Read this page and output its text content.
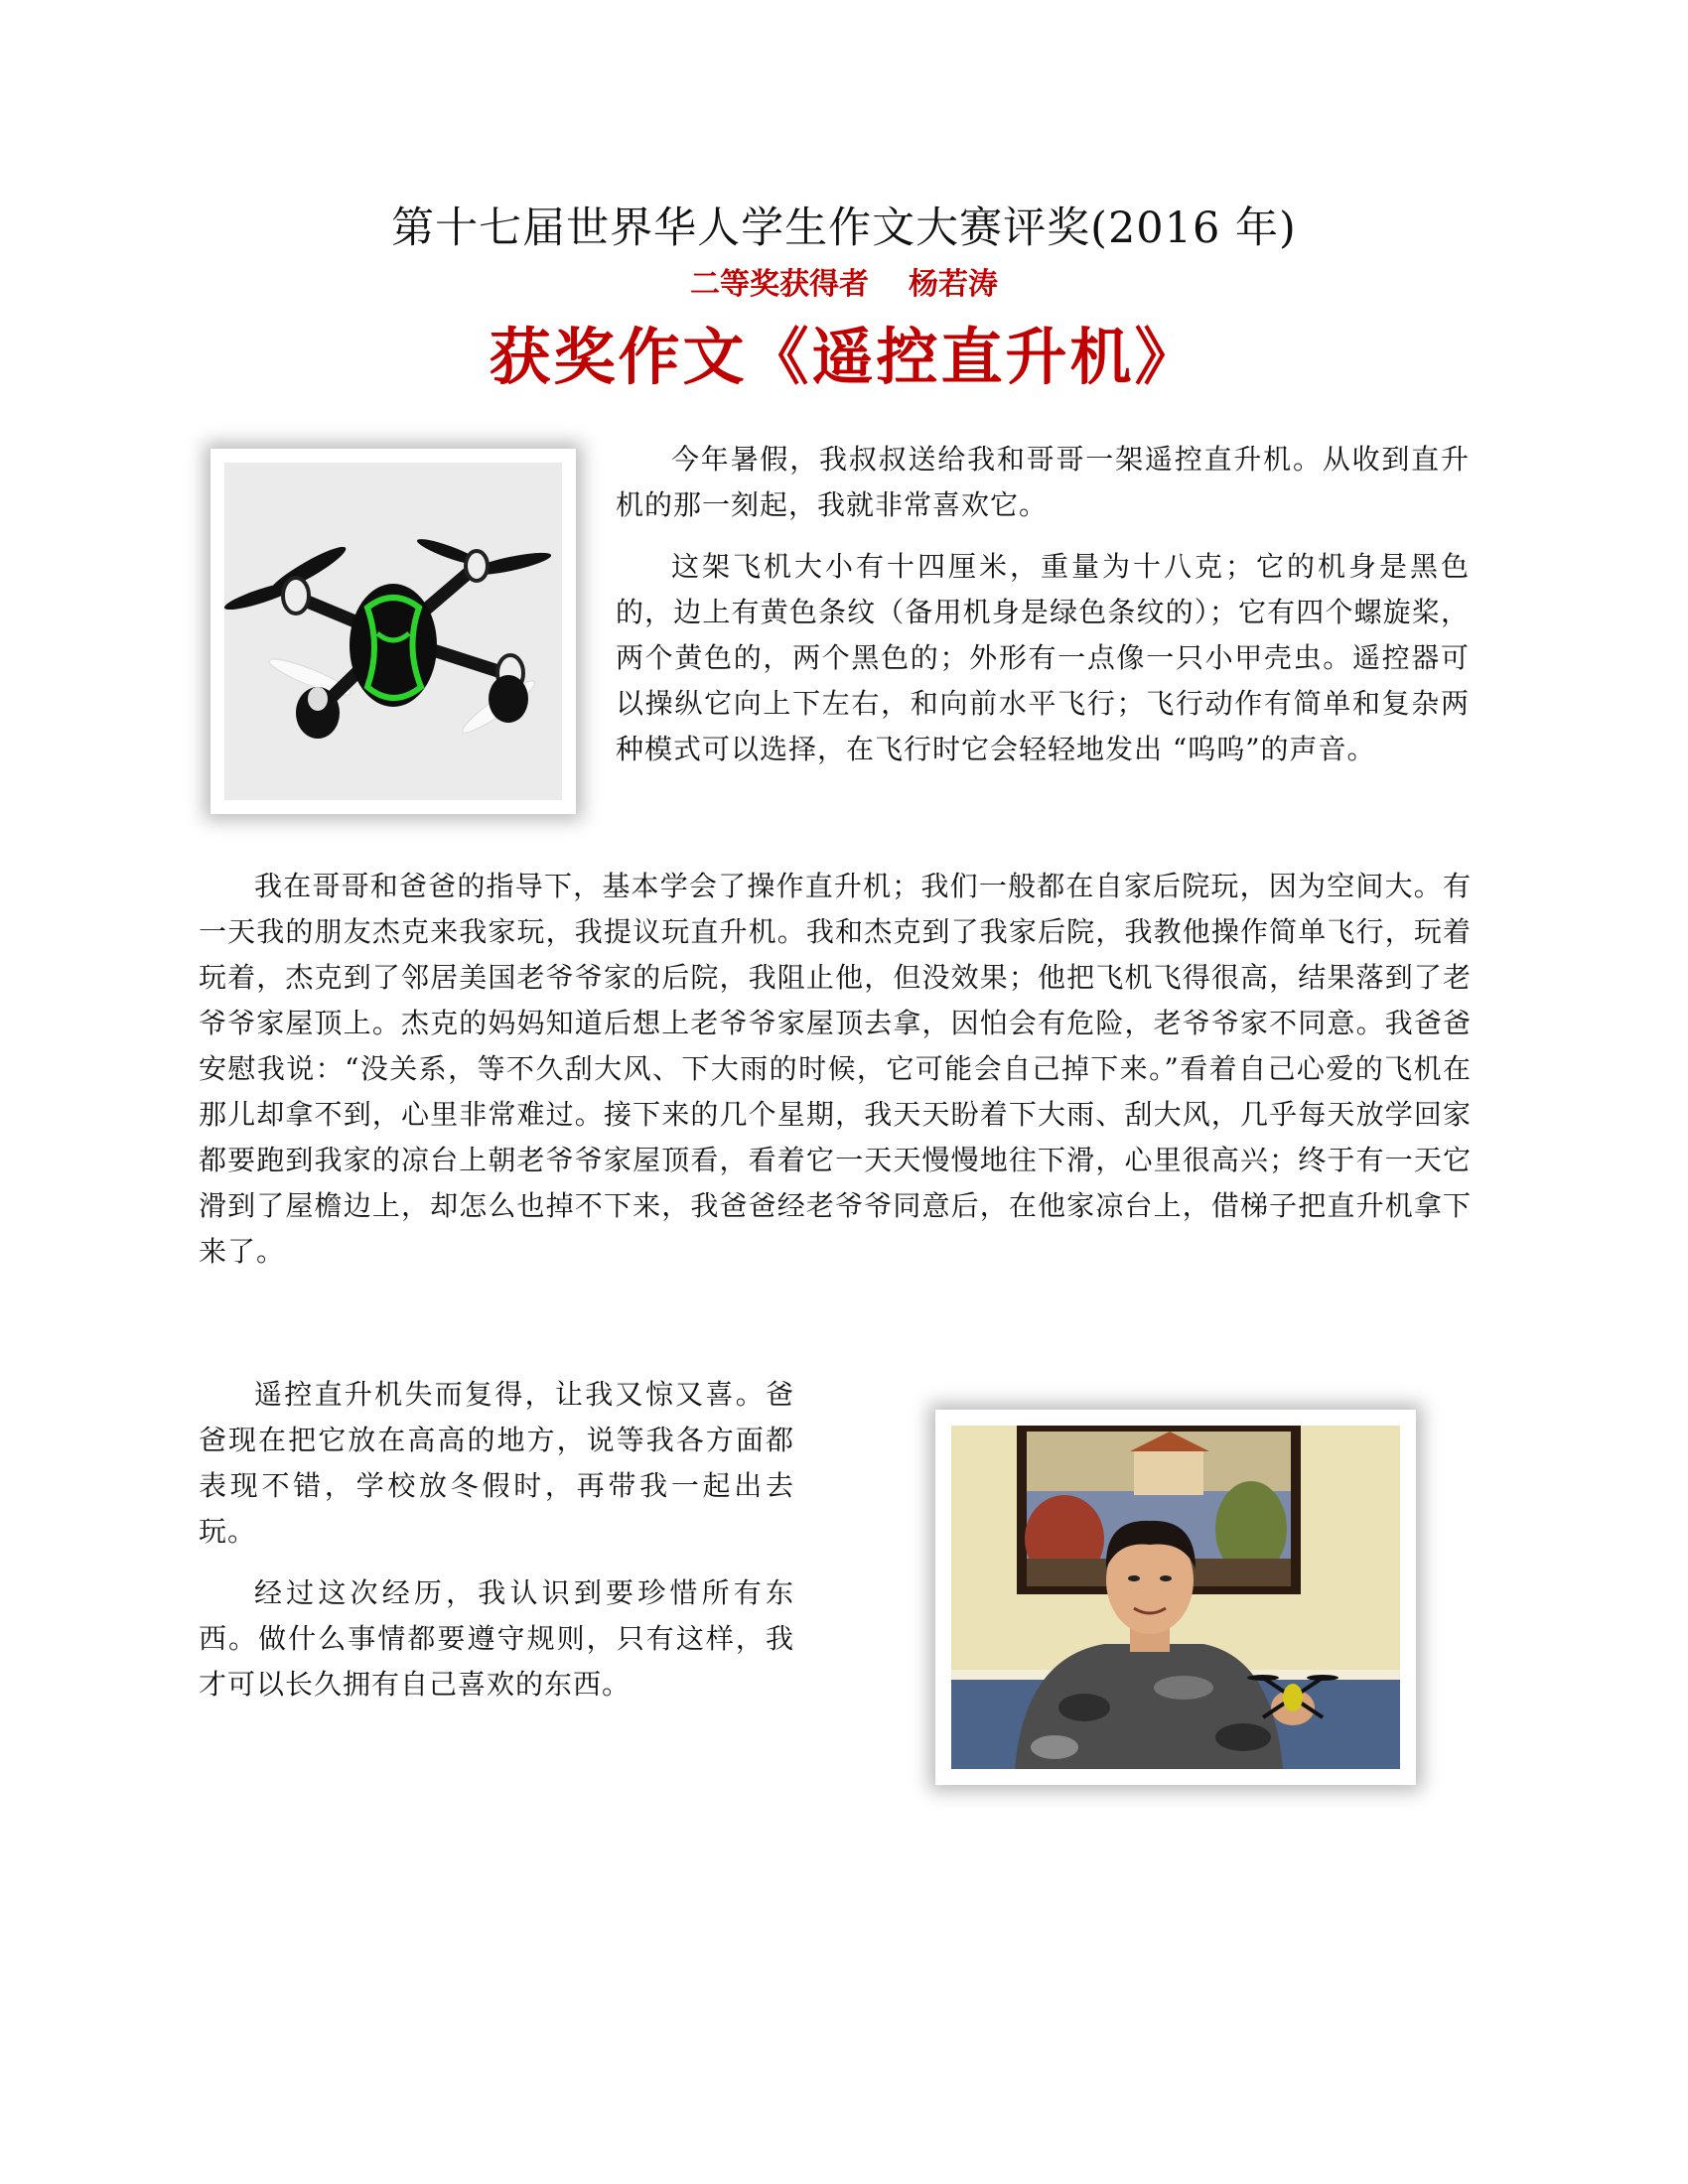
第十七届世界华人学生作文大赛评奖(2016 年)
二等奖获得者 杨若涛
获奖作文《遥控直升机》

今年暑假，我叔叔送给我和哥哥一架遥控直升机。从收到直升机的那一刻起，我就非常喜欢它。

这架飞机大小有十四厘米，重量为十八克；它的机身是黑色的，边上有黄色条纹（备用机身是绿色条纹的）；它有四个螺旋桨，两个黄色的，两个黑色的；外形有一点像一只小甲壳虫。遥控器可以操纵它向上下左右，和向前水平飞行；飞行动作有简单和复杂两种模式可以选择，在飞行时它会轻轻地发出 “呜呜”的声音。

我在哥哥和爸爸的指导下，基本学会了操作直升机；我们一般都在自家后院玩，因为空间大。有一天我的朋友杰克来我家玩，我提议玩直升机。我和杰克到了我家后院，我教他操作简单飞行，玩着玩着，杰克到了邻居美国老爷爷家的后院，我阻止他，但没效果；他把飞机飞得很高，结果落到了老爷爷家屋顶上。杰克的妈妈知道后想上老爷爷家屋顶去拿，因怕会有危险，老爷爷家不同意。我爸爸安慰我说：“没关系，等不久刮大风、下大雨的时候，它可能会自己掉下来。”看着自己心爱的飞机在那儿却拿不到，心里非常难过。接下来的几个星期，我天天盼着下大雨、刮大风，几乎每天放学回家都要跑到我家的凉台上朝老爷爷家屋顶看，看着它一天天慢慢地往下滑，心里很高兴；终于有一天它滑到了屋檐边上，却怎么也掉不下来，我爸爸经老爷爷同意后，在他家凉台上，借梯子把直升机拿下来了。

遥控直升机失而复得，让我又惊又喜。爸爸现在把它放在高高的地方，说等我各方面都表现不错，学校放冬假时，再带我一起出去玩。

经过这次经历，我认识到要珍惜所有东西。做什么事情都要遵守规则，只有这样，我才可以长久拥有自己喜欢的东西。
